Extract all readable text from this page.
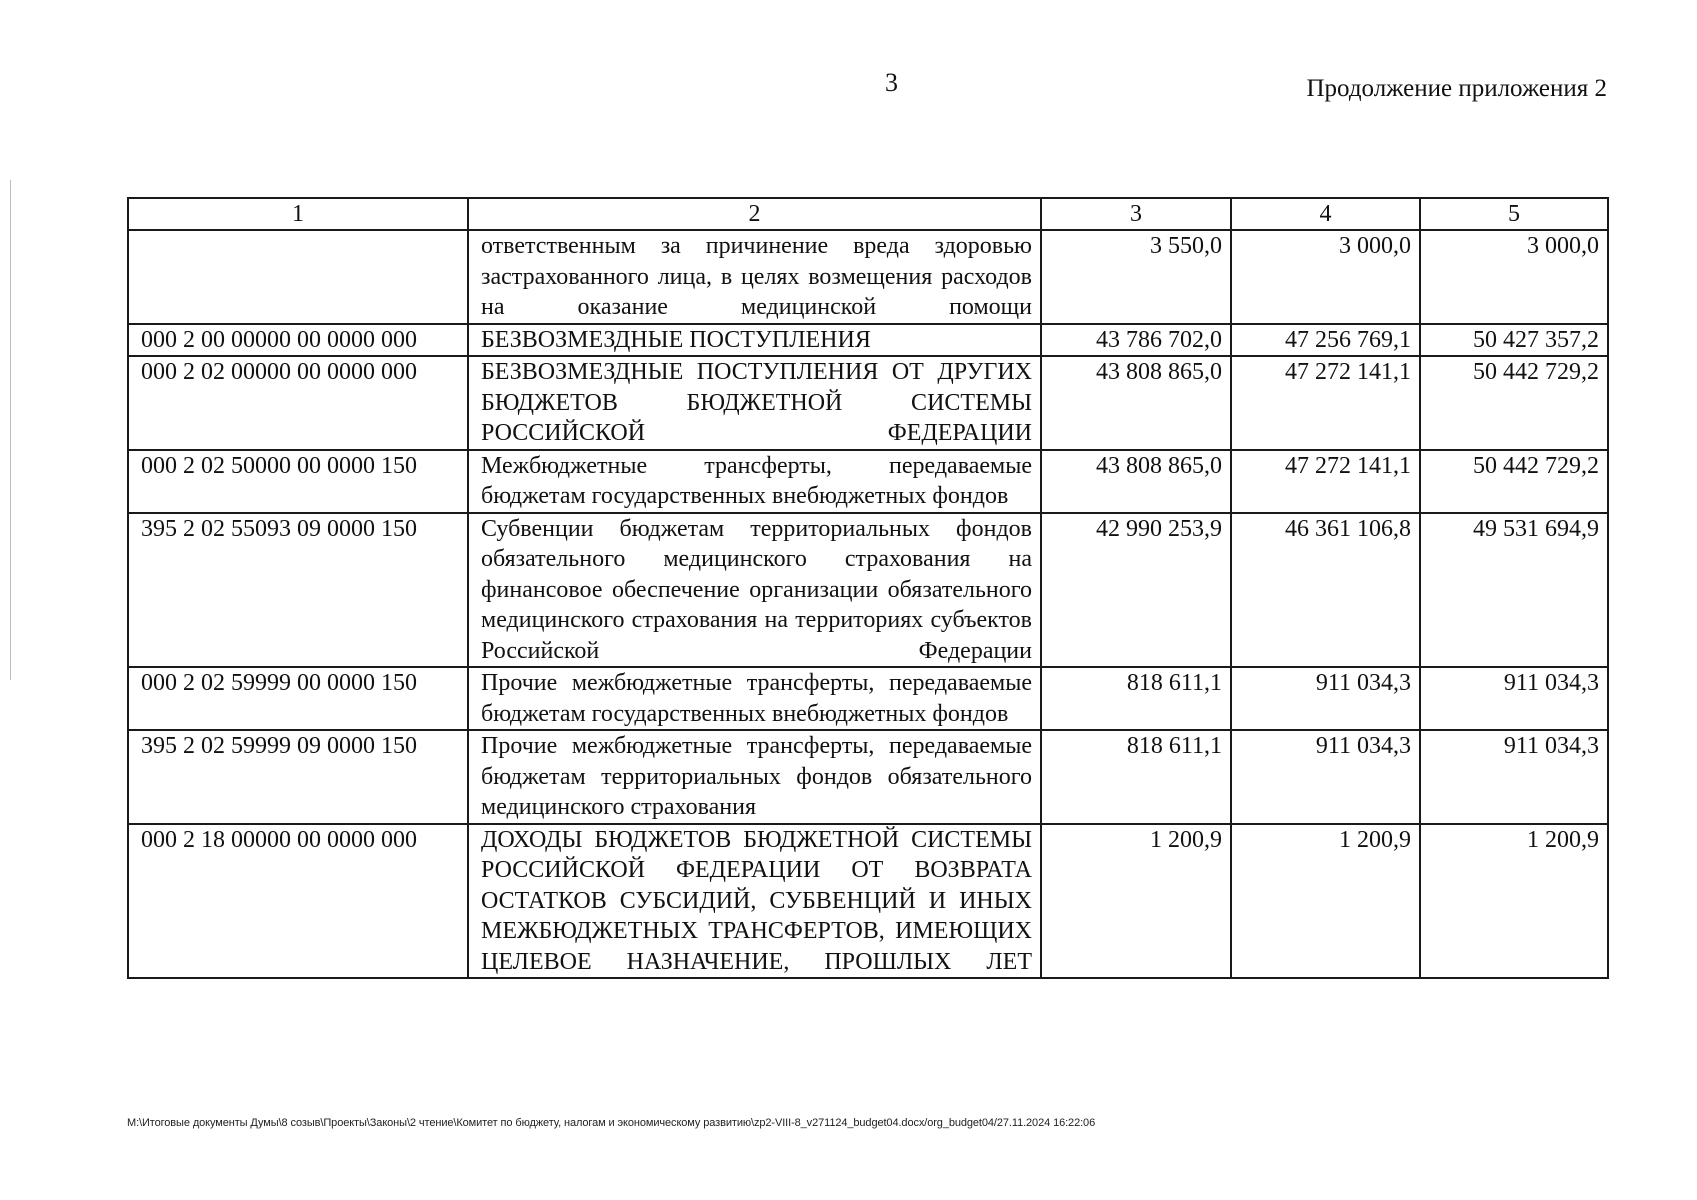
3	Продолжение приложения 2
1	2	3	4	5
	ответственным за причинение вреда здоровью застрахованного лица, в целях возмещения расходов на оказание медицинской помощи	3 550,0	3 000,0	3 000,0
000 2 00 00000 00 0000 000	БЕЗВОЗМЕЗДНЫЕ ПОСТУПЛЕНИЯ	43 786 702,0	47 256 769,1	50 427 357,2
000 2 02 00000 00 0000 000	БЕЗВОЗМЕЗДНЫЕ ПОСТУПЛЕНИЯ ОТ ДРУГИХ БЮДЖЕТОВ БЮДЖЕТНОЙ СИСТЕМЫ РОССИЙСКОЙ ФЕДЕРАЦИИ	43 808 865,0	47 272 141,1	50 442 729,2
000 2 02 50000 00 0000 150	Межбюджетные трансферты, передаваемые бюджетам государственных внебюджетных фондов	43 808 865,0	47 272 141,1	50 442 729,2
395 2 02 55093 09 0000 150	Субвенции бюджетам территориальных фондов обязательного медицинского страхования на финансовое обеспечение организации обязательного медицинского страхования на территориях субъектов Российской Федерации	42 990 253,9	46 361 106,8	49 531 694,9
000 2 02 59999 00 0000 150	Прочие межбюджетные трансферты, передаваемые бюджетам государственных внебюджетных фондов	818 611,1	911 034,3	911 034,3
395 2 02 59999 09 0000 150	Прочие межбюджетные трансферты, передаваемые бюджетам территориальных фондов обязательного медицинского страхования	818 611,1	911 034,3	911 034,3
000 2 18 00000 00 0000 000	ДОХОДЫ БЮДЖЕТОВ БЮДЖЕТНОЙ СИСТЕМЫ РОССИЙСКОЙ ФЕДЕРАЦИИ ОТ ВОЗВРАТА ОСТАТКОВ СУБСИДИЙ, СУБВЕНЦИЙ И ИНЫХ МЕЖБЮДЖЕТНЫХ ТРАНСФЕРТОВ, ИМЕЮЩИХ ЦЕЛЕВОЕ НАЗНАЧЕНИЕ, ПРОШЛЫХ ЛЕТ	1 200,9	1 200,9	1 200,9
M:\Итоговые документы Думы\8 созыв\Проекты\Законы\2 чтение\Комитет по бюджету, налогам и экономическому развитию\zp2-VIII-8_v271124_budget04.docx/org_budget04/27.11.2024 16:22:06
